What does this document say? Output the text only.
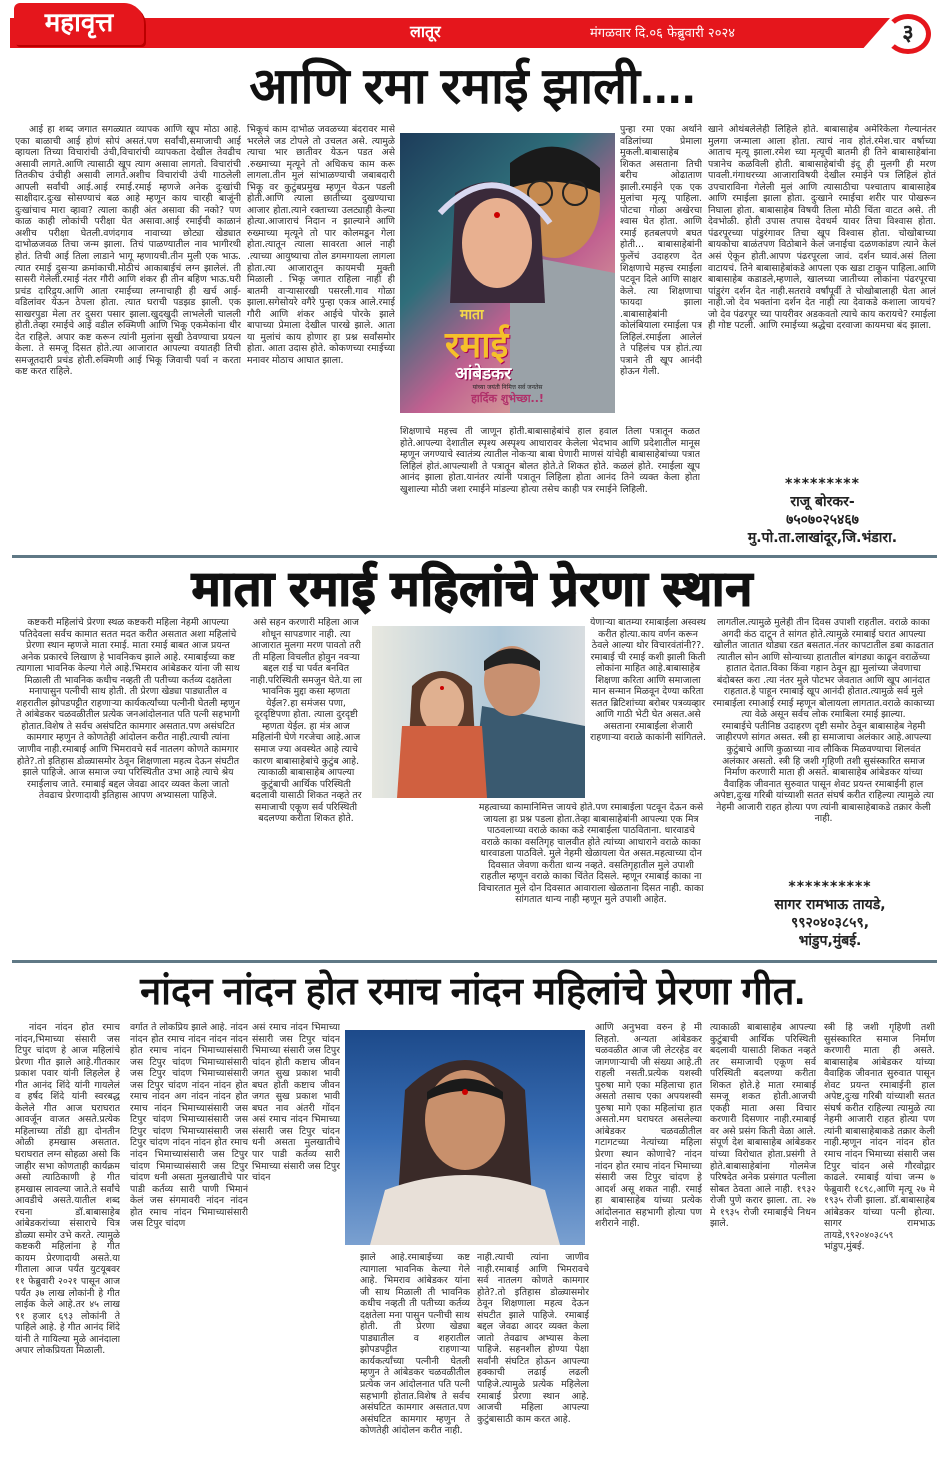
महावृत्त	लातूर	मंगळवार दि.०६ फेब्रुवारी २०२४	३
आणि रमा रमाई झाली....

आई हा शब्द जगात सगळ्यात व्यापक आणि खूप मोठा आहे. एका बाळाची आई होणं सोपं असतं.पण सर्वांची,समाजाची आई व्हायला तिच्या विचारांची उंची,विचारांची व्यापकता देखील तेवढीच असावी लागते.आणि त्यासाठी खूप त्याग असावा लागतो. विचारांची तितकीच उंचीही असावी लागते.अशीच विचारांची उंची गाठलेली आपली सर्वांची आई.आई रमाई.रमाई म्हणजे अनेक दुःखांची साक्षीदार.दुःख सोसण्याचं बळ आहे म्हणून काय चारही बाजूंनी दुःखांचाच मारा व्हावा? त्याला काही अंत असावा की नको? पण काळ काही लोकांची परीक्षा घेत असावा.आई रमाईची काळानं अशीच परीक्षा घेतली.वणंदगाव नावाच्या छोट्या खेड्यात दाभोळजवळ तिचा जन्म झाला. तिचं पाळण्यातील नाव भागीरथी होतं. तिची आई तिला लाडाने भागू म्हणायची.तीन मुली एक भाऊ. त्यात रमाई दुसऱ्या क्रमांकाची.मोठीचं आकाबाईचं लग्न झालेलं. ती सासरी गेलेली.रमाई नंतर गौरी आणि शंकर ही तीन बहिण भाऊ.घरी प्रचंड दारिद्र्य.आणि आता रमाईच्या लग्नाचाही ही खर्च आई-वडिलांवर येऊन ठेपला होता. त्यात घराची पडझड झाली. एक साखरपुडा मेला तर दुसरा पसार झाला.खुदखुदी लाभलेली चालली होती.तेव्हा रमाईचे आई वडील रुक्मिणी आणि भिकू एकमेकांना धीर देत राहिले. अपार कष्ट करून त्यांनी मुलांना सुखी ठेवण्याचा प्रयत्न केला. ते समजू दिसत होते.त्या आजारात आपल्या वयातही तिची समजूतदारी प्रचंड होती.रुक्मिणी आई भिकू जिवाची पर्वा न करता कष्ट करत राहिले.

भिकूचं काम दाभोळ जवळच्या बंदरावर मासे भरलेले जड टोपले तो उचलत असे. त्यामुळे त्याचा भार छातीवर येऊन पडत असे .रुख्माच्या मृत्यूने तो अधिकच काम करू लागला.तीन मुलं सांभाळण्याची जबाबदारी भिकू वर कुटुंबप्रमुख म्हणून येऊन पडली होती.आणि त्याला छातीच्या दुखण्याचा आजार होता.त्याने रक्ताच्या उलट्याही केल्या होत्या.आजाराचं निदान न झाल्याने आणि रुख्माच्या मृत्यूने तो पार कोलमडून गेला होता.त्यातून त्याला सावरता आलं नाही .त्याच्या आयुष्याचा तोल डगमगायला लागला होता.त्या आजारातून कायमची मुक्ती मिळाली . भिकू जगात राहिला नाही ही बातमी वाऱ्यासारखी पसरली.गाव गोळा झाला.सगेसोयरे वगैरे पुन्हा एकत्र आले.रमाई गौरी आणि शंकर आईचे पोरके झाले बापाच्या प्रेमाला देखील पारखे झाले. आता या मुलांचं काय होणार हा प्रश्न सर्वांसमोर होता. आता उदास होते. कोकणच्या रमाईच्या मनावर मोठाच आघात झाला.

माता
रमाई
आंबेडकर
यांच्या जयंती निमित्त सर्व जनतेस
हार्दिक शुभेच्छा..!

पुन्हा रमा एका अर्थाने वडिलांच्या प्रेमाला मुकली.बाबासाहेब शिकत असताना तिची बरीच ओढाताण झाली.रमाईने एक एक मुलांचा मृत्यू पाहिला. पोटचा गोळा अखेरचा श्वास घेत होता. आणि रमाई हतबलपणे बघत होती... बाबासाहेबांनी फुलेंचं उदाहरण देत शिक्षणाचे महत्त्व रमाईला पटवून दिले आणि साक्षर केले. त्या शिक्षणाचा फायदा झाला .बाबासाहेबांनी कोलंबियाला रमाईला पत्र लिहिलं.रमाईला आलेलं ते पहिलंच पत्र होतं.त्या पत्राने ती खूप आनंदी होऊन गेली.

खाने ओथंबलेलेही लिहिले होते. बाबासाहेब अमेरिकेला गेल्यानंतर मुलगा जन्माला आला होता. त्याचं नाव होतं.रमेश.चार वर्षाच्या आताच मृत्यू झाला.रमेश च्या मृत्यूची बातमी ही तिने बाबासाहेबांना पत्रानेच कळविली होती. बाबासाहेबांची इंदू ही मुलगी ही मरण पावली.गंगाधरच्या आजाराविषयी देखील रमाईने पत्र लिहिलं होतं उपचाराविना गेलेली मुलं आणि त्यासाठीचा पश्चाताप बाबासाहेब आणि रमाईला झाला होता. दुःखाने रमाईचा शरीर पार पोखरून निघाला होता. बाबासाहेब विषयी तिला मोठी चिंता वाटत असे. ती देवभोळी. होती उपास तपास देवधर्म यावर तिचा विश्वास होता. पंढरपूरच्या पांडुरंगावर तिचा खूप विश्वास होता. चोखोबाच्या बायकोचा बाळंतपण विठोबाने केलं जनाईचा दळणकांडण त्याने केलं असं ऐकून होती.आपण पंढरपूरला जावं. दर्शन घ्यावं.असं तिला वाटायचं. तिने बाबासाहेबांकडे आपला एक खडा टाकून पाहिला.आणि बाबासाहेब कडाडले,म्हणाले, खालच्या जातीच्या लोकांना पंढरपूरचा पांडुरंग दर्शन देत नाही.सतरावे वर्षांपूर्वी ते चोखोबालाही घेता आलं नाही.जो देव भक्तांना दर्शन देत नाही त्या देवाकडे कशाला जायचं? जो देव पंढरपूर च्या पायरीवर अडकवतो त्याचे काय करायचे? रमाईला ही गोष्ट पटली. आणि रमाईच्या श्रद्धेचा दरवाजा कायमचा बंद झाला.

शिक्षणाचे महत्त्व ती जाणून होती.बाबासाहेबांचे हाल हवाल तिला पत्रातून कळत होते.आपल्या देशातील स्पृश्य अस्पृश्य आधारावर केलेला भेदभाव आणि प्रदेशातील मानूस म्हणून जगण्याचे स्वातंत्र्य त्यातील नोकऱ्या बाबा घेणारी माणसं यांचेही बाबासाहेबांच्या पत्रात लिहिलं होतं.आपल्याशी ते पत्रातून बोलत होते.ते शिकत होते. कळलं होते. रमाईला खूप आनंद झाला होता.यानंतर त्यांनी पत्रातून लिहिला होता आनंद तिने व्यक्त केला होता खुशाल्या मोठी जशा रमाईने मांडल्या होत्या तसेच काही पत्र रमाईने लिहिली.	*********
राजू बोरकर-
७५०७०२५४६७
मु.पो.ता.लाखांदूर,जि.भंडारा.
माता रमाई महिलांचे प्रेरणा स्थान

कष्टकरी महिलांचे प्रेरणा स्थळ कष्टकरी महिला नेहमी आपल्या पतिदेवला सर्वच कामात सतत मदत करीत असतात अशा महिलांचे प्रेरणा स्थान म्हणजे माता रमाई. माता रमाई बाबत आज प्रयन्त अनेक प्रकारचे लिखाण हे भावनिकच झाले आहे. रमाबाईच्या कष्ट त्यागाला भावनिक केल्या गेले आहे.भिमराव आंबेडकर यांना जी साथ मिळाली ती भावनिक कधीच नव्हती ती पतीच्या कर्तव्य दक्षतेला मनापासुन पत्नीची साथ होती. ती प्रेरणा खेड्या पाड्यातील व शहरातील झोपडपट्टीत राहणाऱ्या कार्यकर्त्यांच्या पत्नीनी घेतली म्हणुन ते आंबेडकर चळवळीतील प्रत्येक जनआंदोलनात पति पत्नी सहभागी होतात.विशेष ते सर्वच असंघटित कामगार असतात.पण असंघटित कामगार म्हणुन ते कोणतेही आंदोलन करीत नाही.त्याची त्यांना जाणीव नाही.रमाबाई आणि भिमरावचे सर्व नातलग कोणते कामगार होते?.तो इतिहास डोळ्यासमोर ठेवून शिक्षणाला महत्व देऊन संघटीत झाले पाहिजे. आज समाज ज्या परिस्थितीत उभा आहे त्याचे श्रेय रमाईलाच जाते. रमाबाई बद्दल जेवढा आदर व्यक्त केला जातो तेवढाच प्रेरणादायी इतिहास आपण अभ्यासला पाहिजे.

असे सहन करणारी महिला आज शोधून सापडणार नाही. त्या आजारात मुलगा मरण पावतो तरी ती महिला विचलीत होवुन नवऱ्या बद्दल राई चा पर्वत बनवित नाही.परिस्थिती समजुन घेते.या ला भावनिक मुद्दा कसा म्हणता येईल?.हा समंजस पणा, दूरदृष्टिपणा होता. त्याला दुरदृष्टी म्हणता येईल. हा मंत्र आज महिलांनी घेणे गरजेचा आहे.आज समाज ज्या अवस्थेत आहे त्याचे कारण बाबासाहेबांचे कुटुंब आहे. त्याकाळी बाबासाहेब आपल्या कुटुंबाची आर्थिक परिस्थिती बदलावी यासाठी शिकत नव्हते तर समाजाची एकूण सर्व परिस्थिती बदलण्या करीता शिकत होते.

येणाऱ्या बातम्या रमाबाईला अस्वस्थ करीत होत्या.काय वर्णन करून ठेवले आल्या थोर विचारवंतांनी??. रमाबाई ची रमाई कशी झाली किती लोकांना माहित आहे.बाबासाहेब शिक्षणा करिता आणि समाजाला मान सन्मान मिळवून देण्या करिता सतत ब्रिटिशांच्या बरोबर पत्रव्यव्हार आणि गाठी भेटी घेत असत.असे असताना रमाबाईला शेजारी राहणाऱ्या वराळे काकांनी सांगितले.

लागतील.त्यामुळे मुलेही तीन दिवस उपाशी राहतील. वराळे काका अगदी कंठ दाटून ते सांगत होते.त्यामुळे रमाबाई घरात आपल्या खोलीत जातात थोड्या रडत बसतात.नंतर कापटातील डबा काढतात त्यातील सोन आणि सोन्याच्या हातातील बांगड्या काढून वराळेंच्या हातात देतात.विका किंवा गहान ठेवून ह्या मुलांच्या जेवणाचा बंदोबस्त करा .त्या नंतर मुले पोटभर जेवतात आणि खूप आनंदात राहतात.हे पाहून रमाबाई खूप आनंदी होतात.त्यामुळे सर्व मुले रमाबाईला रमाआई रमाई म्हणून बोलायला लागतात.वराळे काकाच्या त्या वेळे असून सर्वच लोक रमाबिला रमाई झाल्या.
रमाबाईचे पतीनिष्ठ उदाहरण दृष्टी समोर ठेवून बाबासाहेब नेहमी जाहीरपणे सांगत असत. स्त्री हा समाजाचा अलंकार आहे.आपल्या कुटुंबाचे आणि कुळाच्या नाव लौकिक मिळवण्याचा शिलवंत अलंकार असतो. स्त्री हि जशी गृहिणी तशी सुसंस्कारित समाज निर्माण करणारी माता ही असते. बाबासाहेब आंबेडकर यांच्या वैवाहिक जीवनात सुरुवात पासून शेवट प्रयन्त रमाबाईनी हाल अपेष्टा,दुःख गरिबी यांच्याशी सतत संघर्ष करीत राहिल्या त्यामुळे त्या नेहमी आजारी राहत होत्या पण त्यांनी बाबासाहेबाकडे तक्रार केली नाही.

महत्वाच्या कामानिमित्त जायचे होते.पण रमाबाईला पटवून देऊन कसे जायला हा प्रश्न पडला होता.तेव्हा बाबासाहेबांनी आपल्या एक मित्र पाठवलाच्या वराळे काका कडे रमाबाईला पाठविताना. धारवाडचे वराळे काका वसतिगृह चालवीत होते त्यांच्या आधाराने वराळे काका धारवाडला पाठविले. मुले नेहमी खेळायला येत असत.महत्वाच्या दोन दिवसात जेवणा करीता धान्य नव्हते. वसतिगृहातील मुले उपाशी राहतील म्हणून वराळे काका चिंतेत दिसले. म्हणून रमाबाई काका ना विचारतात मुले दोन दिवसात आवाराला खेळताना दिसत नाही. काका सांगतात धान्य नाही म्हणून मुले उपाशी आहेत.

**********
सागर रामभाऊ तायडे,
९९२०४०३८५९,
भांडुप,मुंबई.
नांदन नांदन होत रमाच नांदन महिलांचे प्रेरणा गीत.

नांदन नांदन होत रमाच नांदन,भिमाच्या संसारी जस टिपुर चांदण हे आज महिलांचे प्रेरणा गीत झाले आहे.गीतकार प्रकाश पवार यांनी लिहलेल हे गीत आनंद शिंदे यांनी गायलेलं व हर्षद शिंदे यांनी स्वरबद्ध केलेले गीत आज घराघरात आवर्जून वाजत असते.प्रत्येक महिलाच्या तोंडी ह्या दोनतीन ओळी हमखास असतात. घराघरात लग्न सोहळा असो कि जाहीर सभा कोणताही कार्यक्रम असो त्याठिकाणी हे गीत हमखास लावल्या जाते.ते सर्वांचे आवडीचे असते.यातील शब्द रचना डॉ.बाबासाहेब आंबेडकरांच्या संसाराचे चित्र डोळ्या समोर उभे करते. त्यामुळे कष्टकरी महिलांना हे गीत कायम प्रेरणादायी असते.या गीताला आज पर्यंत युटयूबवर ११ फेब्रुवारी २०२१ पासून आज पर्यंत ३७ लाख लोकांनी हे गीत लाईक केले आहे.तर ४५ लाख ९१ हजार ६९३ लोकांनी ते पाहिले आहे. हे गीत आनंद शिंदे यांनी ते गायिल्या मुळे आनंदाला अपार लोकप्रियता मिळाली.

वर्गात ते लोकप्रिय झाले आहे. नांदन नांदन होत रमाच नांदन नांदन नांदन होत रमाच नांदन भिमाच्यासंसारी जस टिपुर चांदण भिमाच्यासंसारी जस टिपुर चांदण भिमाच्यासंसारी जस टिपुर चांदण नांदन नांदन होत रमाच नांदन अग नांदन नांदन होत रमाच नांदन भिमाच्यासंसारी जस टिपुर चांदण भिमाच्यासंसारी जस टिपुर चांदण भिमाच्यासंसारी जस टिपुर चांदण नांदन नांदन होत रमाच नांदन भिमाच्यासंसारी जस टिपुर चांदण भिमाच्यासंसारी जस टिपुर चांदण धनी असता मुलखातीचे पार पाडी कर्तव्य सारी पाणी भिमानं केलं जस संगमावरी नांदन नांदन होत रमाच नांदन भिमाच्यासंसारी जस टिपुर चांदण

असं रमाच नांदन भिमाच्या संसारी जस टिपुर चांदन भिमाच्या संसारी जस टिपुर चांदन होती कष्टाच जीवन जगत सुख प्रकाश भावी बघत होती कष्टाच जीवन जगत सुख प्रकाश भावी बघत नाव अंतरी गोंदन असं रमाच नांदन भिमाच्या संसारी जस टिपुर चांदन धनी असता मुलखातीचे पार पाडी कर्तव्य सारी भिमाच्या संसारी जस टिपुर चांदन

झाले आहे.रमाबाईच्या कष्ट त्यागाला भावनिक केल्या गेले आहे. भिमराव आंबेडकर यांना जी साथ मिळाली ती भावनिक कधीच नव्हती ती पतीच्या कर्तव्य दक्षतेला मना पासुन पत्नीची साथ होती. ती प्रेरणा खेड्या पाड्यातील व शहरातील झोपडपट्टीत राहणाऱ्या कार्यकर्त्यांच्या पत्नीनी घेतली म्हणुन ते आंबेडकर चळवळीतील प्रत्येक जन आंदोलनात पति पत्नी सहभागी होतात.विशेष ते सर्वच असंघटित कामगार असतात.पण असंघटित कामगार म्हणुन ते कोणतेही आंदोलन करीत नाही.

नाही.त्याची त्यांना जाणीव नाही.रमाबाई आणि भिमरावचे सर्व नातलग कोणते कामगार होते?.तो इतिहास डोळ्यासमोर ठेवून शिक्षणाला महत्व देऊन संघटीत झाले पाहिजे. रमाबाई बद्दल जेवढा आदर व्यक्त केला जातो तेवढाच अभ्यास केला पाहिजे. सहनशील होण्या पेक्षा सर्वांनी संघटित होऊन आपल्या हक्काची लढाई लढली पाहिजे.त्यामुळे प्रत्येक महिलेला रमाबाई प्रेरणा स्थान आहे. आजची महिला आपल्या कुटुंबासाठी काम करत आहे.

आणि अनुभवा वरुन हे मी लिहतो. अन्यता आंबेडकर चळवळीत आज जी लेटरहेड वर जागणाऱ्याची जी संख्या आहे.ती राहली नसती.प्रत्येक यशस्वी पुरुषा मागे एका महिलाचा हात असतो तसाच एका अपयशस्वी पुरुषा मागे एका महिलांचा हात असतो.मग घराघरत असलेल्या आंबेडकर चळवळीतील गटागटच्या नेत्यांच्या महिला प्रेरणा स्थान कोणाचे? नांदन नांदन होत रमाच नांदन भिमाच्या संसारी जस टिपुर चांदण हे आदर्श असू शकत नाही. रमाई हा बाबासाहेब यांच्या प्रत्येक आंदोलनात सहभागी होत्या पण शरीराने नाही.

त्याकाळी बाबासाहेब आपल्या कुटुंबाची आर्थिक परिस्थिती बदलावी यासाठी शिकत नव्हते तर समाजाची एकूण सर्व परिस्थिती बदलण्या करीता शिकत होते.हे माता रमाबाई समजू शकत होती.आजची एकही माता असा विचार करणारी दिसणार नाही.रमाबाई वर असे प्रसंग किती वेळा आले. संपूर्ण देश बाबासाहेब आंबेडकर यांच्या विरोधात होता.प्रसंगी ते होते.बाबासाहेबांना गोलमेज परिषदेत अनेक प्रसंगात पत्नीला सोबत ठेवता आले नाही. १९३२ रोजी पुणे करार झाला. ता. २७ मे १९३५ रोजी रमाबाईंचे निधन झाले.

स्त्री हि जशी गृहिणी तशी सुसंस्कारित समाज निर्माण करणारी माता ही असते. बाबासाहेब आंबेडकर यांच्या वैवाहिक जीवनात सुरुवात पासून शेवट प्रयन्त रमाबाईनी हाल अपेष्ट,दुःख गरिबी यांच्याशी सतत संघर्ष करीत राहिल्या त्यामुळे त्या नेहमी आजारी राहत होत्या पण त्यांनी बाबासाहेबाकडे तक्रार केली नाही.म्हणून नांदन नांदन होत रमाच नांदन भिमाच्या संसारी जस टिपुर चांदन असे गौरवोद्गार काढले. रमाबाई यांचा जन्म ७ फेब्रुवारी १८९८,आणि मृत्यू २७ मे १९३५ रोजी झाला. डॉ.बाबासाहेब आंबेडकर यांच्या पत्नी होत्या. सागर रामभाऊ तायडे,९९२०४०३८५९ भांडुप,मुंबई.
